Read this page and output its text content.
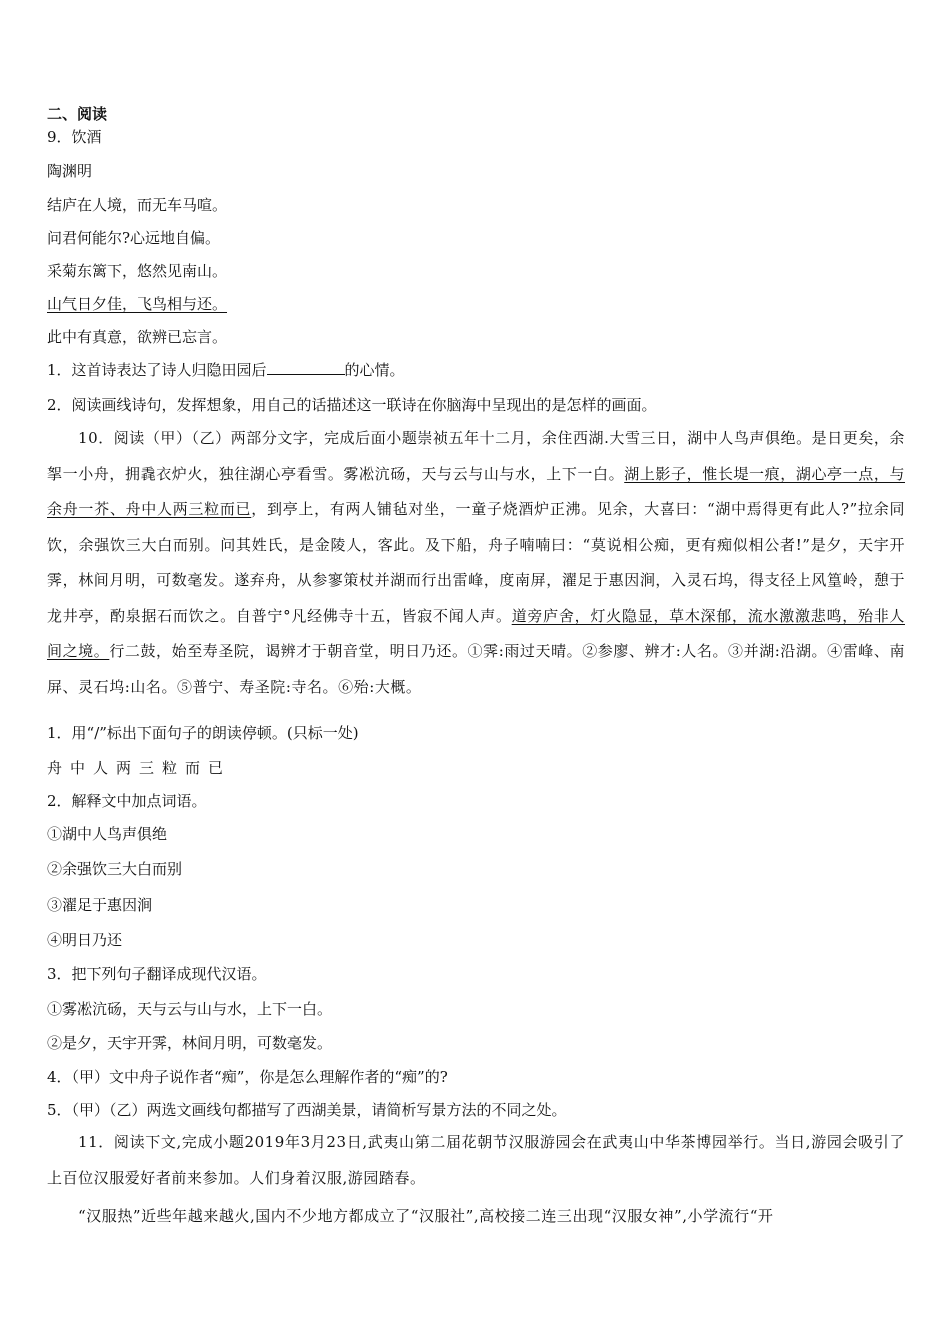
二、阅读
9．饮酒
陶渊明
结庐在人境，而无车马喧。
问君何能尔?心远地自偏。
采菊东篱下，悠然见南山。
山气日夕佳，飞鸟相与还。
此中有真意，欲辨已忘言。
1．这首诗表达了诗人归隐田园后	的心情。
2．阅读画线诗句，发挥想象，用自己的话描述这一联诗在你脑海中呈现出的是怎样的画面。

10．阅读（甲）（乙）两部分文字，完成后面小题崇祯五年十二月，余住西湖.大雪三日，湖中人鸟声俱绝。是日更矣，余挐一小舟，拥毳衣炉火，独往湖心亭看雪。雾凇沆砀，天与云与山与水，上下一白。湖上影子，惟长堤一痕，湖心亭一点，与余舟一芥、舟中人两三粒而已，到亭上，有两人铺毡对坐，一童子烧酒炉正沸。见余，大喜曰：“湖中焉得更有此人?”拉余同饮，余强饮三大白而别。问其姓氏，是金陵人，客此。及下船，舟子喃喃曰：“莫说相公痴，更有痴似相公者!”是夕，天宇开霁，林间月明，可数毫发。遂弃舟，从参寥策杖并湖而行出雷峰，度南屏，濯足于惠因涧，入灵石坞，得支径上风篁岭，憩于龙井亭，酌泉据石而饮之。自普宁°凡经佛寺十五，皆寂不闻人声。道旁庐舍，灯火隐显，草木深郁，流水激激悲鸣，殆非人间之境。行二鼓，始至寿圣院，谒辨才于朝音堂，明日乃还。①霁:雨过天晴。②参廖、辨才:人名。③并湖:沿湖。④雷峰、南屏、灵石坞:山名。⑤普宁、寿圣院:寺名。⑥殆:大概。

1．用“/”标出下面句子的朗读停顿。(只标一处)
舟中人两三粒而已
2．解释文中加点词语。
①湖中人鸟声俱绝
②余强饮三大白而别
③濯足于惠因涧
④明日乃还
3．把下列句子翻译成现代汉语。
①雾凇沆砀，天与云与山与水，上下一白。
②是夕，天宇开霁，林间月明，可数毫发。
4．（甲）文中舟子说作者“痴”，你是怎么理解作者的“痴”的?
5．（甲）（乙）两选文画线句都描写了西湖美景，请简析写景方法的不同之处。

11．阅读下文,完成小题2019年3月23日,武夷山第二届花朝节汉服游园会在武夷山中华茶博园举行。当日,游园会吸引了上百位汉服爱好者前来参加。人们身着汉服,游园踏春。

“汉服热”近些年越来越火,国内不少地方都成立了“汉服社”,高校接二连三出现“汉服女神”,小学流行“开
